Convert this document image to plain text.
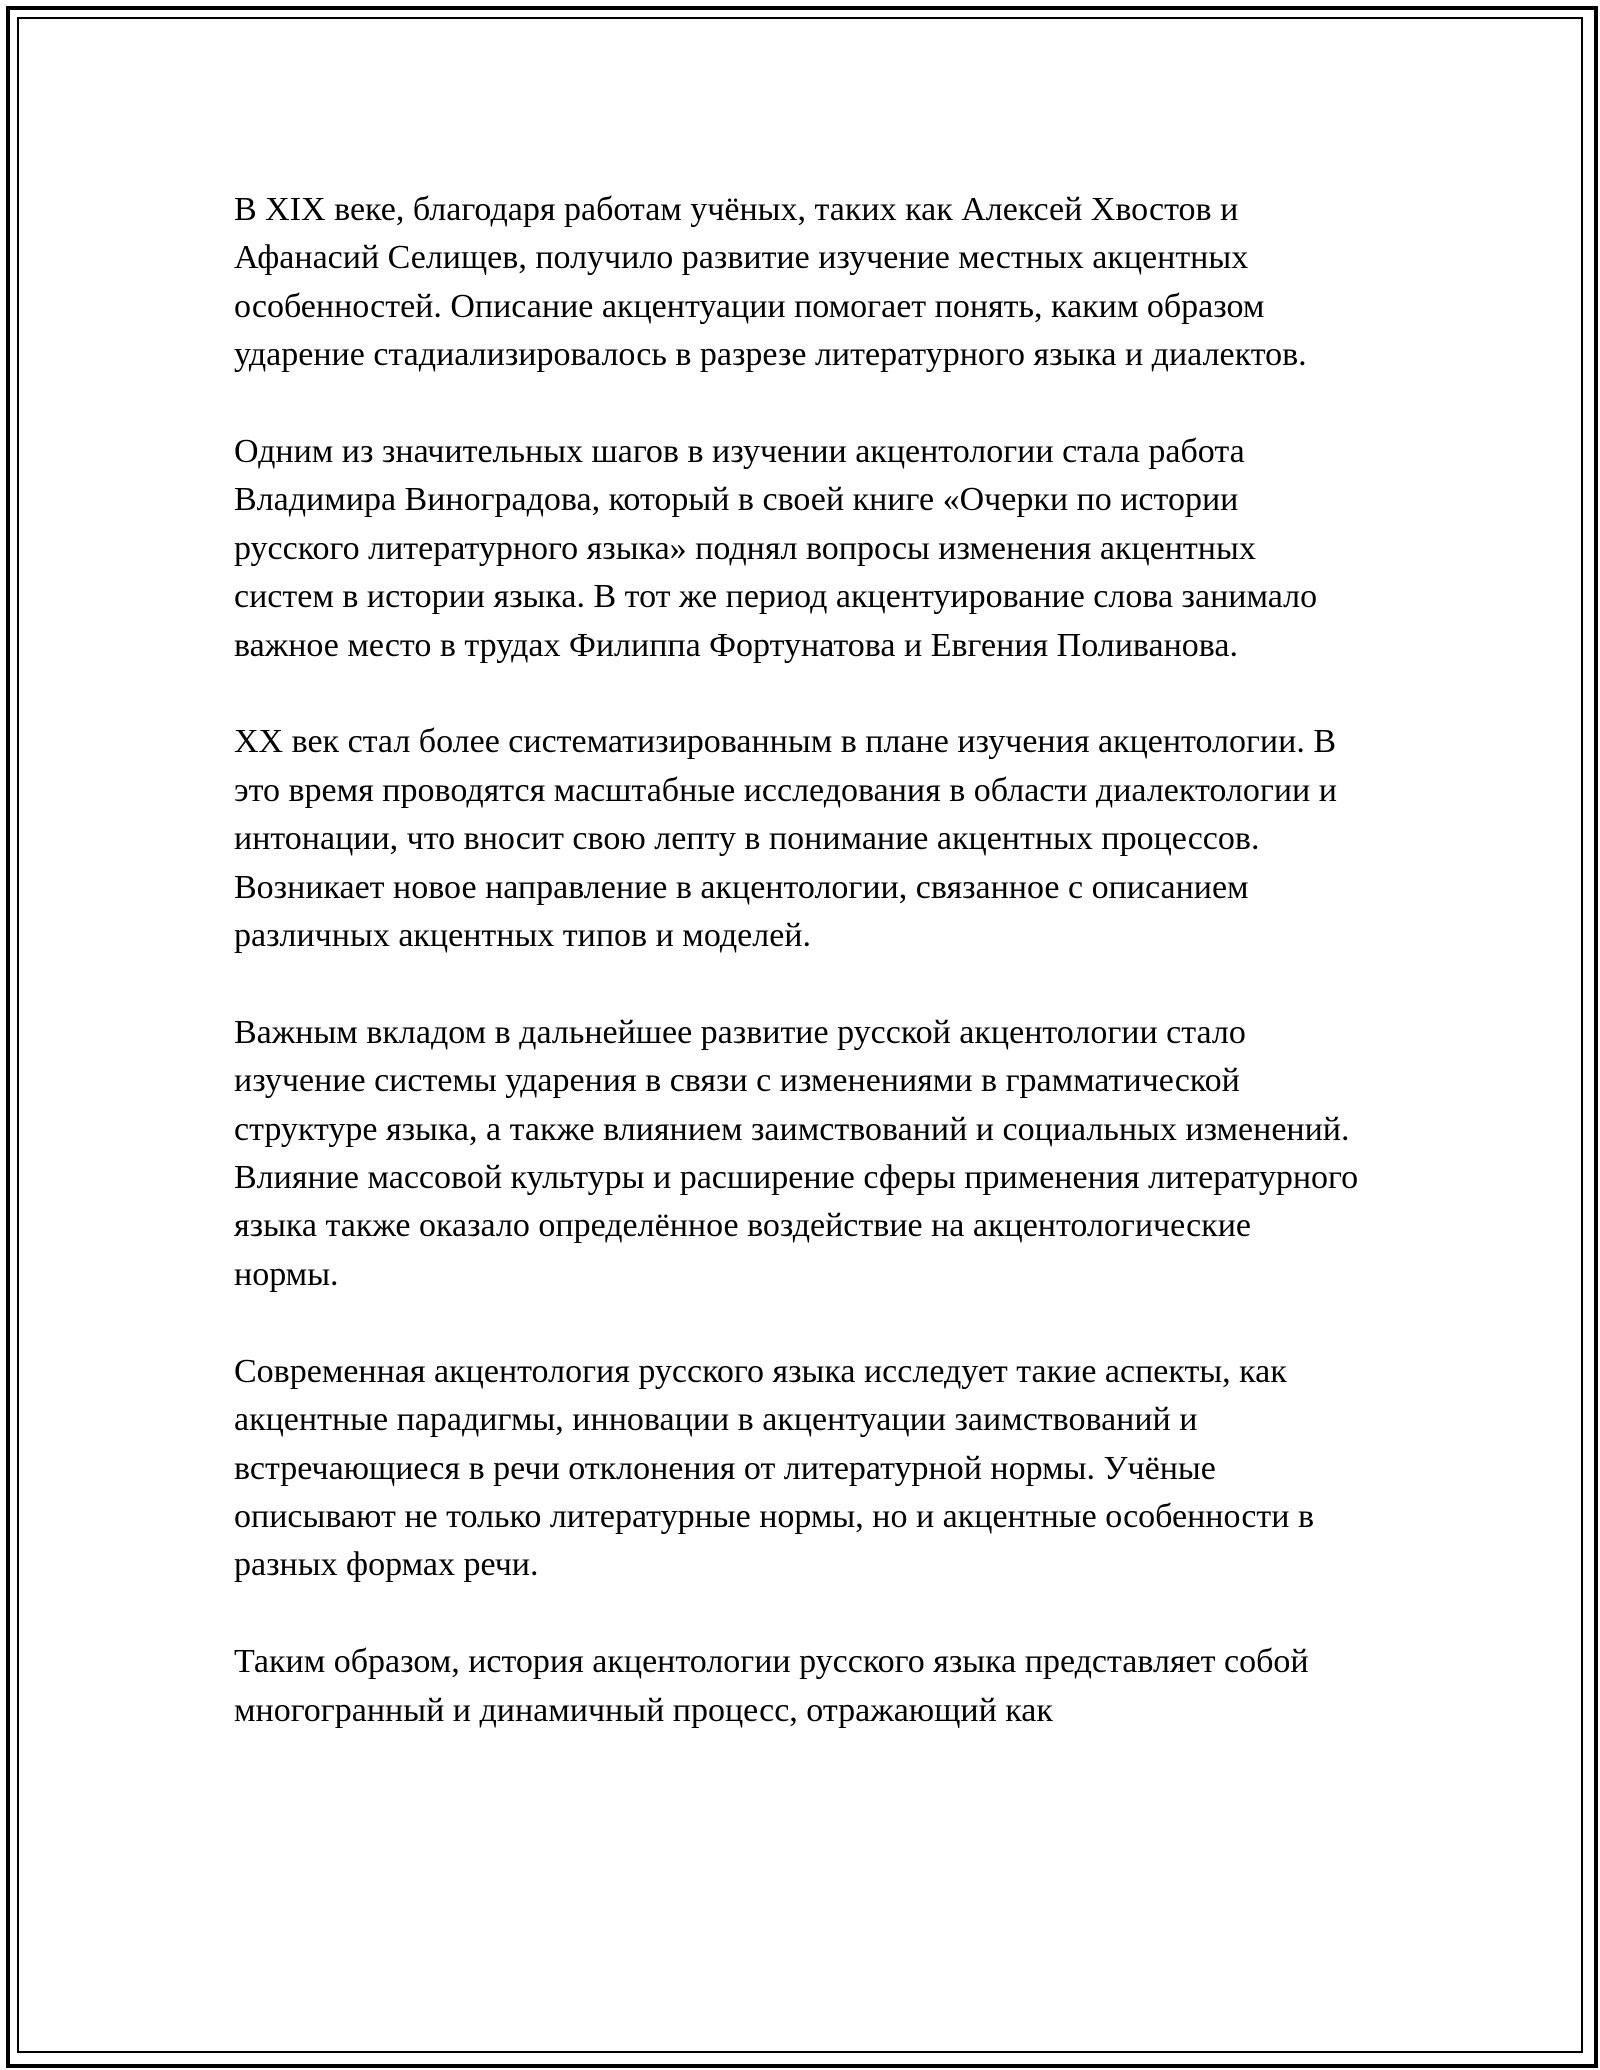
В XIX веке, благодаря работам учёных, таких как Алексей Хвостов и Афанасий Селищев, получило развитие изучение местных акцентных особенностей. Описание акцентуации помогает понять, каким образом ударение стадиализировалось в разрезе литературного языка и диалектов.

Одним из значительных шагов в изучении акцентологии стала работа Владимира Виноградова, который в своей книге «Очерки по истории русского литературного языка» поднял вопросы изменения акцентных систем в истории языка. В тот же период акцентуирование слова занимало важное место в трудах Филиппа Фортунатова и Евгения Поливанова.

XX век стал более систематизированным в плане изучения акцентологии. В это время проводятся масштабные исследования в области диалектологии и интонации, что вносит свою лепту в понимание акцентных процессов. Возникает новое направление в акцентологии, связанное с описанием различных акцентных типов и моделей.

Важным вкладом в дальнейшее развитие русской акцентологии стало изучение системы ударения в связи с изменениями в грамматической структуре языка, а также влиянием заимствований и социальных изменений. Влияние массовой культуры и расширение сферы применения литературного языка также оказало определённое воздействие на акцентологические нормы.

Современная акцентология русского языка исследует такие аспекты, как акцентные парадигмы, инновации в акцентуации заимствований и встречающиеся в речи отклонения от литературной нормы. Учёные описывают не только литературные нормы, но и акцентные особенности в разных формах речи.

Таким образом, история акцентологии русского языка представляет собой многогранный и динамичный процесс, отражающий как
